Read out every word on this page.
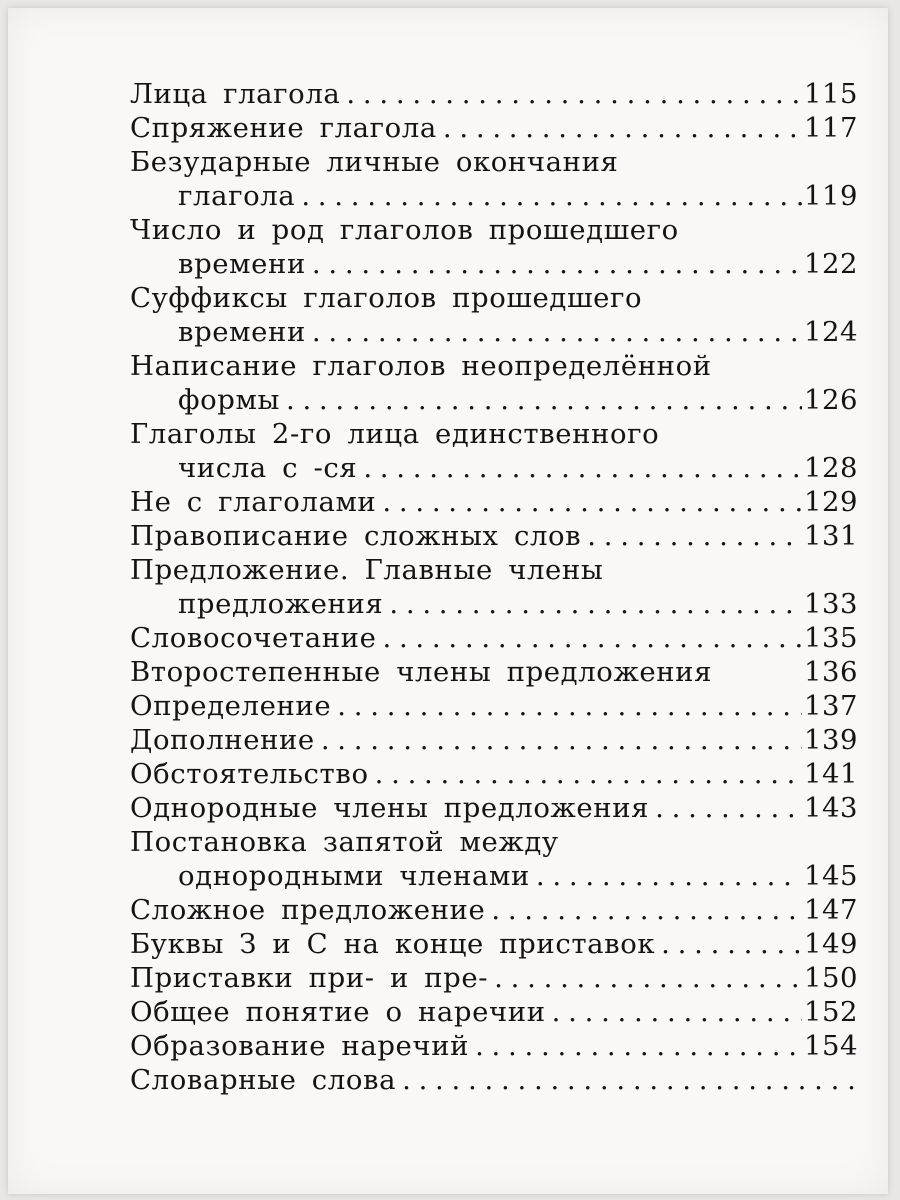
Лица глагола . . .	115
Спряжение глагола . . .	117
Безударные личные окончания
глагола . . .	119
Число и род глаголов прошедшего
времени . . .	122
Суффиксы глаголов прошедшего
времени . . .	124
Написание глаголов неопределённой
формы . . .	126
Глаголы 2-го лица единственного
числа с -ся . . .	128
Не с глаголами . . .	129
Правописание сложных слов . . .	131
Предложение. Главные члены
предложения . . .	133
Словосочетание . . .	135
Второстепенные члены предложения	136
Определение . . .	137
Дополнение . . .	139
Обстоятельство . . .	141
Однородные члены предложения . . .	143
Постановка запятой между
однородными членами . . .	145
Сложное предложение . . .	147
Буквы З и С на конце приставок . . .	149
Приставки при- и пре- . . .	150
Общее понятие о наречии . . .	152
Образование наречий . . .	154
Словарные слова
. . .
